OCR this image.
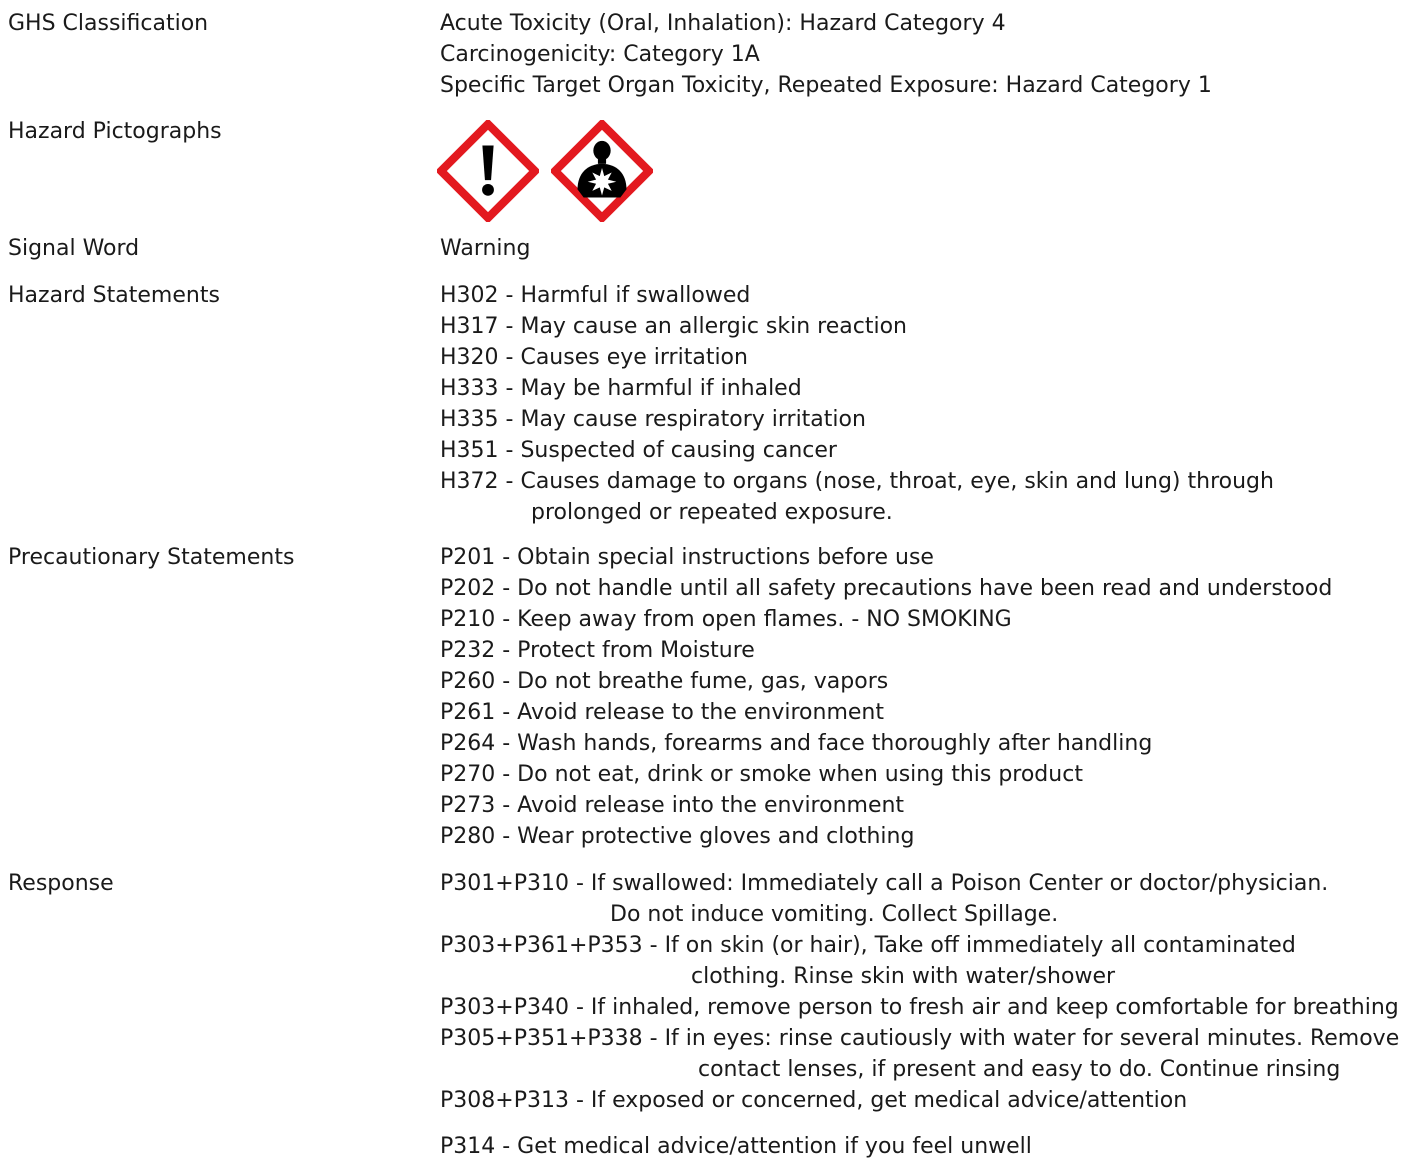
GHS Classification	Acute Toxicity (Oral, Inhalation): Hazard Category 4
Carcinogenicity: Category 1A
Specific Target Organ Toxicity, Repeated Exposure: Hazard Category 1
Hazard Pictographs
Signal Word	Warning
Hazard Statements	H302 - Harmful if swallowed
H317 - May cause an allergic skin reaction
H320 - Causes eye irritation
H333 - May be harmful if inhaled
H335 - May cause respiratory irritation
H351 - Suspected of causing cancer
H372 - Causes damage to organs (nose, throat, eye, skin and lung) through
prolonged or repeated exposure.
Precautionary Statements	P201 - Obtain special instructions before use
P202 - Do not handle until all safety precautions have been read and understood
P210 - Keep away from open flames. - NO SMOKING
P232 - Protect from Moisture
P260 - Do not breathe fume, gas, vapors
P261 - Avoid release to the environment
P264 - Wash hands, forearms and face thoroughly after handling
P270 - Do not eat, drink or smoke when using this product
P273 - Avoid release into the environment
P280 - Wear protective gloves and clothing
Response	P301+P310 - If swallowed: Immediately call a Poison Center or doctor/physician.
Do not induce vomiting. Collect Spillage.
P303+P361+P353 - If on skin (or hair), Take off immediately all contaminated
clothing. Rinse skin with water/shower
P303+P340 - If inhaled, remove person to fresh air and keep comfortable for breathing
P305+P351+P338 - If in eyes: rinse cautiously with water for several minutes. Remove
contact lenses, if present and easy to do. Continue rinsing
P308+P313 - If exposed or concerned, get medical advice/attention
P314 - Get medical advice/attention if you feel unwell
